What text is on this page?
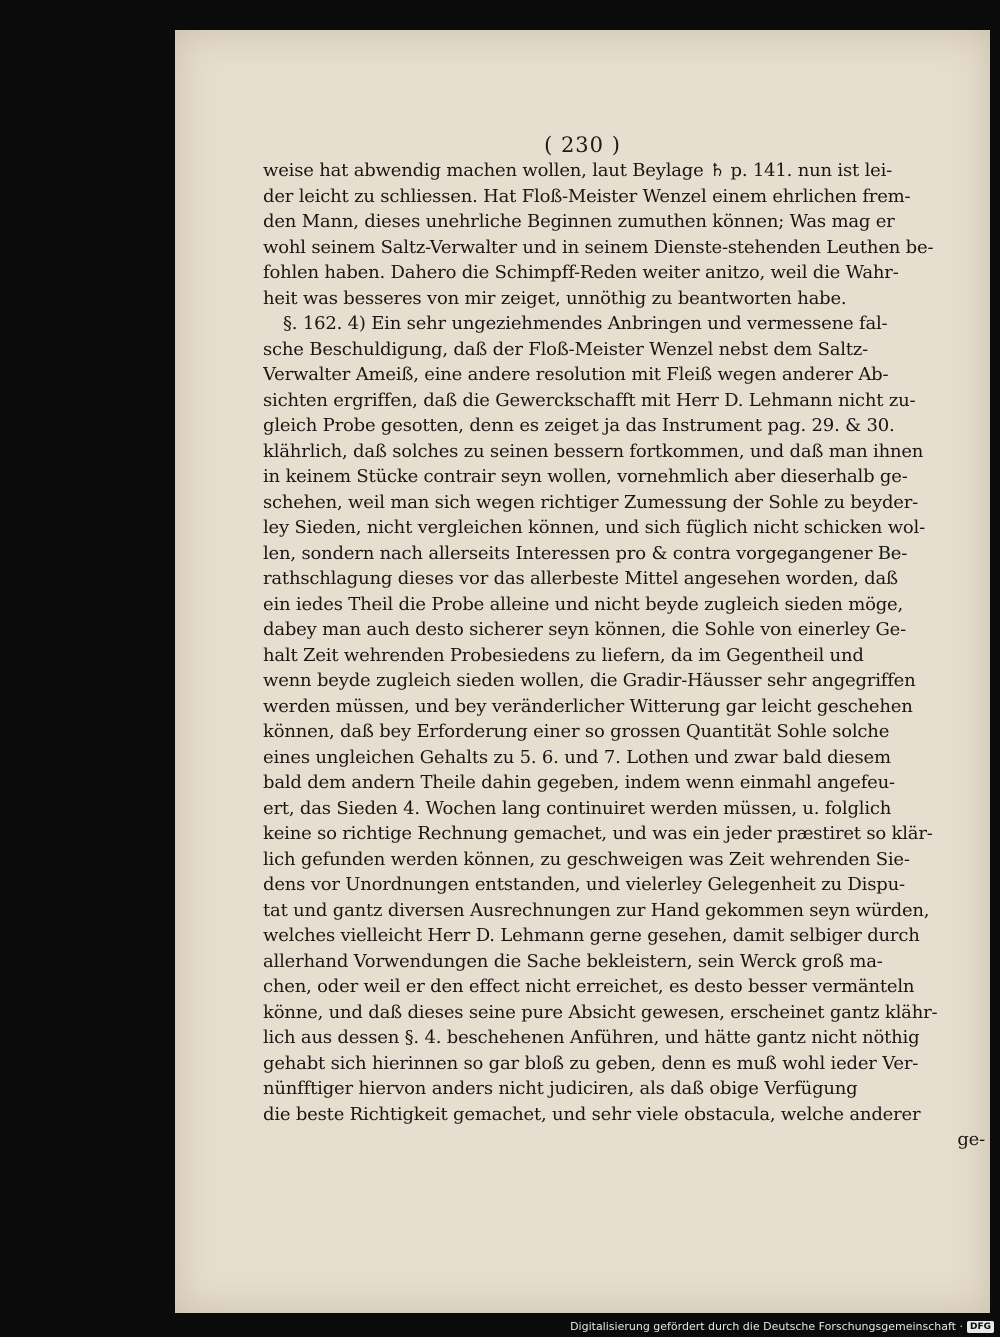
( 230 )
weise hat abwendig machen wollen, laut Beylage ♄ p. 141. nun ist lei-
der leicht zu schliessen. Hat Floß-Meister Wenzel einem ehrlichen frem-
den Mann, dieses unehrliche Beginnen zumuthen können; Was mag er
wohl seinem Saltz-Verwalter und in seinem Dienste-stehenden Leuthen be-
fohlen haben. Dahero die Schimpff-Reden weiter anitzo, weil die Wahr-
heit was besseres von mir zeiget, unnöthig zu beantworten habe.
§. 162. 4) Ein sehr ungeziehmendes Anbringen und vermessene fal-
sche Beschuldigung, daß der Floß-Meister Wenzel nebst dem Saltz-
Verwalter Ameiß, eine andere resolution mit Fleiß wegen anderer Ab-
sichten ergriffen, daß die Gewerckschafft mit Herr D. Lehmann nicht zu-
gleich Probe gesotten, denn es zeiget ja das Instrument pag. 29. & 30.
klährlich, daß solches zu seinen bessern fortkommen, und daß man ihnen
in keinem Stücke contrair seyn wollen, vornehmlich aber dieserhalb ge-
schehen, weil man sich wegen richtiger Zumessung der Sohle zu beyder-
ley Sieden, nicht vergleichen können, und sich füglich nicht schicken wol-
len, sondern nach allerseits Interessen pro & contra vorgegangener Be-
rathschlagung dieses vor das allerbeste Mittel angesehen worden, daß
ein iedes Theil die Probe alleine und nicht beyde zugleich sieden möge,
dabey man auch desto sicherer seyn können, die Sohle von einerley Ge-
halt Zeit wehrenden Probesiedens zu liefern, da im Gegentheil und
wenn beyde zugleich sieden wollen, die Gradir-Häusser sehr angegriffen
werden müssen, und bey veränderlicher Witterung gar leicht geschehen
können, daß bey Erforderung einer so grossen Quantität Sohle solche
eines ungleichen Gehalts zu 5. 6. und 7. Lothen und zwar bald diesem
bald dem andern Theile dahin gegeben, indem wenn einmahl angefeu-
ert, das Sieden 4. Wochen lang continuiret werden müssen, u. folglich
keine so richtige Rechnung gemachet, und was ein jeder præstiret so klär-
lich gefunden werden können, zu geschweigen was Zeit wehrenden Sie-
dens vor Unordnungen entstanden, und vielerley Gelegenheit zu Dispu-
tat und gantz diversen Ausrechnungen zur Hand gekommen seyn würden,
welches vielleicht Herr D. Lehmann gerne gesehen, damit selbiger durch
allerhand Vorwendungen die Sache bekleistern, sein Werck groß ma-
chen, oder weil er den effect nicht erreichet, es desto besser vermänteln
könne, und daß dieses seine pure Absicht gewesen, erscheinet gantz klähr-
lich aus dessen §. 4. beschehenen Anführen, und hätte gantz nicht nöthig
gehabt sich hierinnen so gar bloß zu geben, denn es muß wohl ieder Ver-
nünfftiger hiervon anders nicht judiciren, als daß obige Verfügung
die beste Richtigkeit gemachet, und sehr viele obstacula, welche anderer
ge-
Digitalisierung gefördert durch die Deutsche Forschungsgemeinschaft · DFG
